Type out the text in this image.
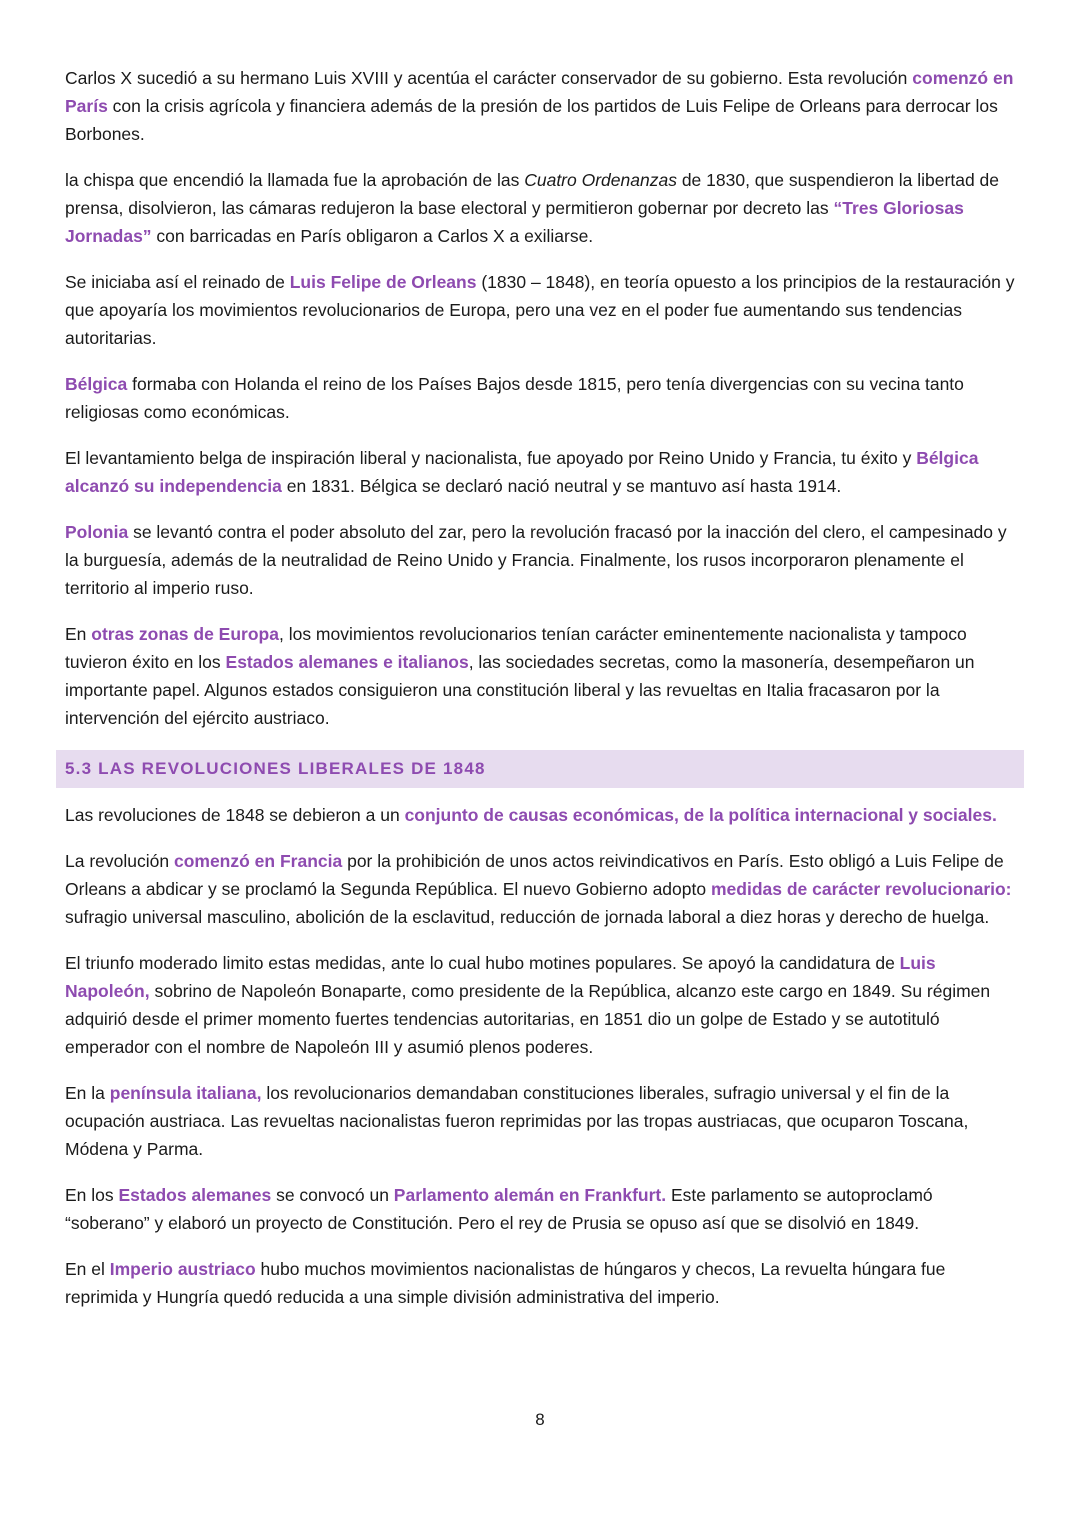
Carlos X sucedió a su hermano Luis XVIII y acentúa el carácter conservador de su gobierno. Esta revolución comenzó en París con la crisis agrícola y financiera además de la presión de los partidos de Luis Felipe de Orleans para derrocar los Borbones.

la chispa que encendió la llamada fue la aprobación de las Cuatro Ordenanzas de 1830, que suspendieron la libertad de prensa, disolvieron, las cámaras redujeron la base electoral y permitieron gobernar por decreto las “Tres Gloriosas Jornadas” con barricadas en París obligaron a Carlos X a exiliarse.

Se iniciaba así el reinado de Luis Felipe de Orleans (1830 – 1848), en teoría opuesto a los principios de la restauración y que apoyaría los movimientos revolucionarios de Europa, pero una vez en el poder fue aumentando sus tendencias autoritarias.

Bélgica formaba con Holanda el reino de los Países Bajos desde 1815, pero tenía divergencias con su vecina tanto religiosas como económicas.

El levantamiento belga de inspiración liberal y nacionalista, fue apoyado por Reino Unido y Francia, tu éxito y Bélgica alcanzó su independencia en 1831. Bélgica se declaró nació neutral y se mantuvo así hasta 1914.

Polonia se levantó contra el poder absoluto del zar, pero la revolución fracasó por la inacción del clero, el campesinado y la burguesía, además de la neutralidad de Reino Unido y Francia. Finalmente, los rusos incorporaron plenamente el territorio al imperio ruso.

En otras zonas de Europa, los movimientos revolucionarios tenían carácter eminentemente nacionalista y tampoco tuvieron éxito en los Estados alemanes e italianos, las sociedades secretas, como la masonería, desempeñaron un importante papel. Algunos estados consiguieron una constitución liberal y las revueltas en Italia fracasaron por la intervención del ejército austriaco.

5.3 LAS REVOLUCIONES LIBERALES DE 1848

Las revoluciones de 1848 se debieron a un conjunto de causas económicas, de la política internacional y sociales.

La revolución comenzó en Francia por la prohibición de unos actos reivindicativos en París. Esto obligó a Luis Felipe de Orleans a abdicar y se proclamó la Segunda República. El nuevo Gobierno adopto medidas de carácter revolucionario: sufragio universal masculino, abolición de la esclavitud, reducción de jornada laboral a diez horas y derecho de huelga.

El triunfo moderado limito estas medidas, ante lo cual hubo motines populares. Se apoyó la candidatura de Luis Napoleón, sobrino de Napoleón Bonaparte, como presidente de la República, alcanzo este cargo en 1849. Su régimen adquirió desde el primer momento fuertes tendencias autoritarias, en 1851 dio un golpe de Estado y se autotituló emperador con el nombre de Napoleón III y asumió plenos poderes.

En la península italiana, los revolucionarios demandaban constituciones liberales, sufragio universal y el fin de la ocupación austriaca. Las revueltas nacionalistas fueron reprimidas por las tropas austriacas, que ocuparon Toscana, Módena y Parma.

En los Estados alemanes se convocó un Parlamento alemán en Frankfurt. Este parlamento se autoproclamó “soberano” y elaboró un proyecto de Constitución. Pero el rey de Prusia se opuso así que se disolvió en 1849.

En el Imperio austriaco hubo muchos movimientos nacionalistas de húngaros y checos, La revuelta húngara fue reprimida y Hungría quedó reducida a una simple división administrativa del imperio.

8
